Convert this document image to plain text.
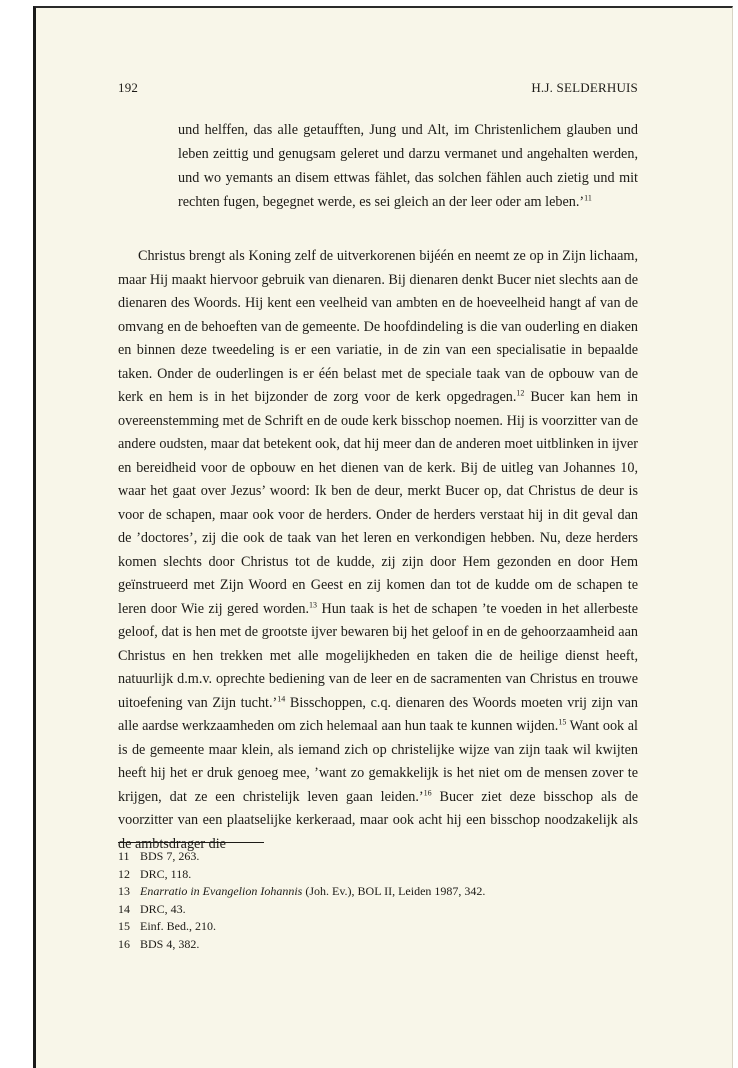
192	H.J. SELDERHUIS
und helffen, das alle getaufften, Jung und Alt, im Christenlichem glauben und leben zeittig und genugsam geleret und darzu vermanet und angehalten werden, und wo yemants an disem ettwas fählet, das solchen fählen auch zietig und mit rechten fugen, begegnet werde, es sei gleich an der leer oder am leben.’$^{11}$

Christus brengt als Koning zelf de uitverkorenen bijéén en neemt ze op in Zijn lichaam, maar Hij maakt hiervoor gebruik van dienaren. Bij dienaren denkt Bucer niet slechts aan de dienaren des Woords. Hij kent een veelheid van ambten en de hoeveelheid hangt af van de omvang en de behoeften van de gemeente. De hoofdindeling is die van ouderling en diaken en binnen deze tweedeling is er een variatie, in de zin van een specialisatie in bepaalde taken. Onder de ouderlingen is er één belast met de speciale taak van de opbouw van de kerk en hem is in het bijzonder de zorg voor de kerk opgedragen.$^{12}$ Bucer kan hem in overeenstemming met de Schrift en de oude kerk bisschop noemen. Hij is voorzitter van de andere oudsten, maar dat betekent ook, dat hij meer dan de anderen moet uitblinken in ijver en bereidheid voor de opbouw en het dienen van de kerk. Bij de uitleg van Johannes 10, waar het gaat over Jezus’ woord: Ik ben de deur, merkt Bucer op, dat Christus de deur is voor de schapen, maar ook voor de herders. Onder de herders verstaat hij in dit geval dan de ’doctores’, zij die ook de taak van het leren en verkondigen hebben. Nu, deze herders komen slechts door Christus tot de kudde, zij zijn door Hem gezonden en door Hem geïnstrueerd met Zijn Woord en Geest en zij komen dan tot de kudde om de schapen te leren door Wie zij gered worden.$^{13}$ Hun taak is het de schapen ’te voeden in het allerbeste geloof, dat is hen met de grootste ijver bewaren bij het geloof in en de gehoorzaamheid aan Christus en hen trekken met alle mogelijkheden en taken die de heilige dienst heeft, natuurlijk d.m.v. oprechte bediening van de leer en de sacramenten van Christus en trouwe uitoefening van Zijn tucht.’$^{14}$ Bisschoppen, c.q. dienaren des Woords moeten vrij zijn van alle aardse werkzaamheden om zich helemaal aan hun taak te kunnen wijden.$^{15}$ Want ook al is de gemeente maar klein, als iemand zich op christelijke wijze van zijn taak wil kwijten heeft hij het er druk genoeg mee, ’want zo gemakkelijk is het niet om de mensen zover te krijgen, dat ze een christelijk leven gaan leiden.’$^{16}$ Bucer ziet deze bisschop als de voorzitter van een plaatselijke kerkeraad, maar ook acht hij een bisschop noodzakelijk als de ambtsdrager die

11 BDS 7, 263.
12 DRC, 118.
13 Enarratio in Evangelion Iohannis (Joh. Ev.), BOL II, Leiden 1987, 342.
14 DRC, 43.
15 Einf. Bed., 210.
16 BDS 4, 382.
